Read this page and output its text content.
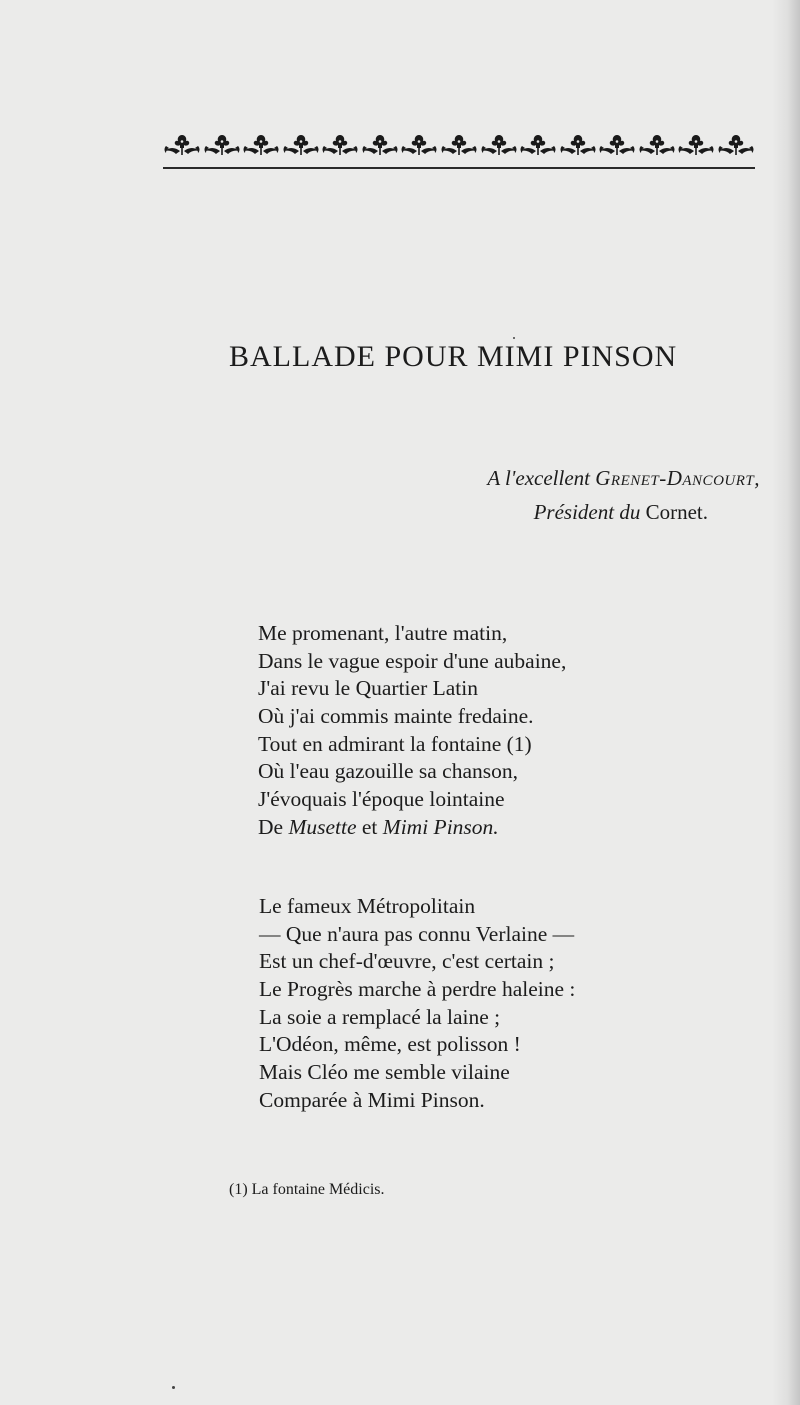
BALLADE POUR MIMI PINSON
A l'excellent Grenet-Dancourt,
Président du Cornet.
Me promenant, l'autre matin,
Dans le vague espoir d'une aubaine,
J'ai revu le Quartier Latin
Où j'ai commis mainte fredaine.
Tout en admirant la fontaine (1)
Où l'eau gazouille sa chanson,
J'évoquais l'époque lointaine
De Musette et Mimi Pinson.
Le fameux Métropolitain
— Que n'aura pas connu Verlaine —
Est un chef-d'œuvre, c'est certain ;
Le Progrès marche à perdre haleine :
La soie a remplacé la laine ;
L'Odéon, même, est polisson !
Mais Cléo me semble vilaine
Comparée à Mimi Pinson.
(1) La fontaine Médicis.
